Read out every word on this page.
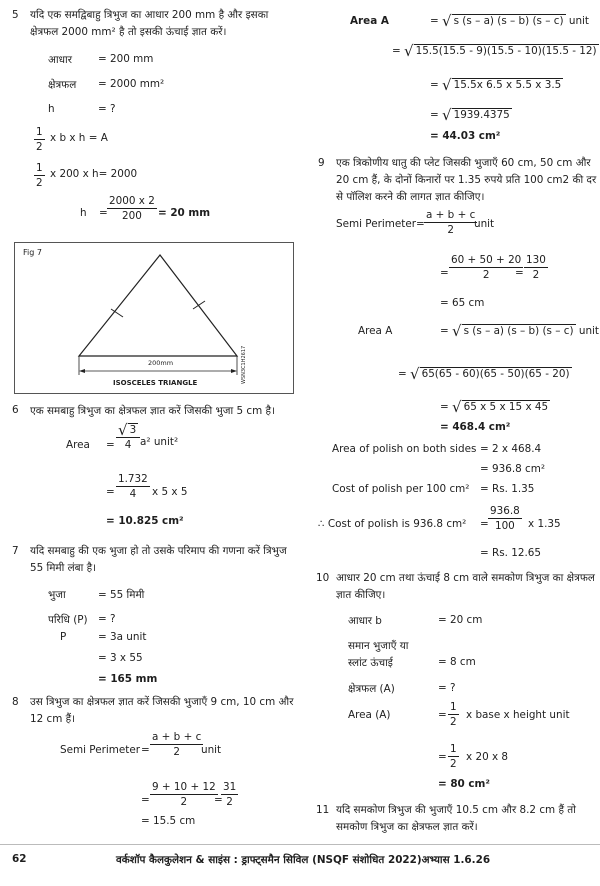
5 यदि एक समद्विबाहु त्रिभुज का आधार 200 mm है और इसका क्षेत्रफल 2000 mm² है तो इसकी ऊंचाई ज्ञात करें।
आधार	= 200 mm
क्षेत्रफल = 2000 mm²
h	= ?
$\frac{1}{2}$ x b x h = A
$\frac{1}{2}$ x 200 x h= 2000
$h = \frac{2000 x 2}{200} = 20$ mm
Fig 7
200mm
ISOSCELES TRIANGLE	WSN3C1H2617
6 एक समबाहु त्रिभुज का क्षेत्रफल ज्ञात करें जिसकी भुजा 5 cm है।
Area = $\frac{√ 3}{4} a^2$ unit²
= $\frac{1.732}{4}$ x 5 x 5
= 10.825 cm²
7 यदि समबाहु की एक भुजा हो तो उसके परिमाप की गणना करें त्रिभुज 55 मिमी लंबा है।
भुजा	= 55 मिमी
परिधि (P) = ?
P	= 3a unit
= 3 x 55
= 165 mm
8 उस त्रिभुज का क्षेत्रफल ज्ञात करें जिसकी भुजाएँ 9 cm, 10 cm और 12 cm हैं।
Semi Perimeter = $\frac{a + b + c}{2}$
unit
= $\frac{9 + 10 + 12}{2}$
=
$\frac{31}{2}$
= 15.5 cm
Area A	= √ s (s – a) (s – b) (s – c) unit
= √ 15.5(15.5 - 9)(15.5 - 10)(15.5 - 12)
= √ 15.5x 6.5 x 5.5 x 3.5
= √ 1939.4375
= 44.03 cm²
9 एक त्रिकोणीय धातु की प्लेट जिसकी भुजाएँ 60 cm, 50 cm और 20 cm हैं, के दोनों किनारों पर 1.35 रुपये प्रति 100 cm2 की दर से पॉलिश करने की लागत ज्ञात कीजिए।
Semi Perimeter = $\frac{a + b + c}{2}$
unit
= $\frac{60 + 50 + 20}{2}$
= $\frac{130}{2}$
= 65 cm
Area A	= √ s (s – a) (s – b) (s – c) unit
= √ 65(65 - 60)(65 - 50)(65 - 20)
= √ 65 x 5 x 15 x 45
= 468.4 cm²
Area of polish on both sides = 2 x 468.4
= 936.8 cm²
Cost of polish per 100 cm² = Rs. 1.35
∴ Cost of polish is 936.8 $cm^2 = \frac{936.8}{100}$ x 1.35
= Rs. 12.65
10 आधार 20 cm तथा ऊंचाई 8 cm वाले समकोण त्रिभुज का क्षेत्रफल ज्ञात कीजिए।
आधार b	= 20 cm
समान भुजाएँ या
स्लांट ऊंचाई	= 8 cm
क्षेत्रफल (A)	= ?
Area (A)	= $\frac{1}{2}$ x base x height unit
= $\frac{1}{2}$ x 20 x 8
= 80 cm²
11 यदि समकोण त्रिभुज की भुजाएँ 10.5 cm और 8.2 cm हैं तो समकोण त्रिभुज का क्षेत्रफल ज्ञात करें।
62	वर्कशॉप कैलकुलेशन & साइंस : ड्राफ्ट्समैन सिविल (NSQF संशोधित 2022)अभ्यास 1.6.26
